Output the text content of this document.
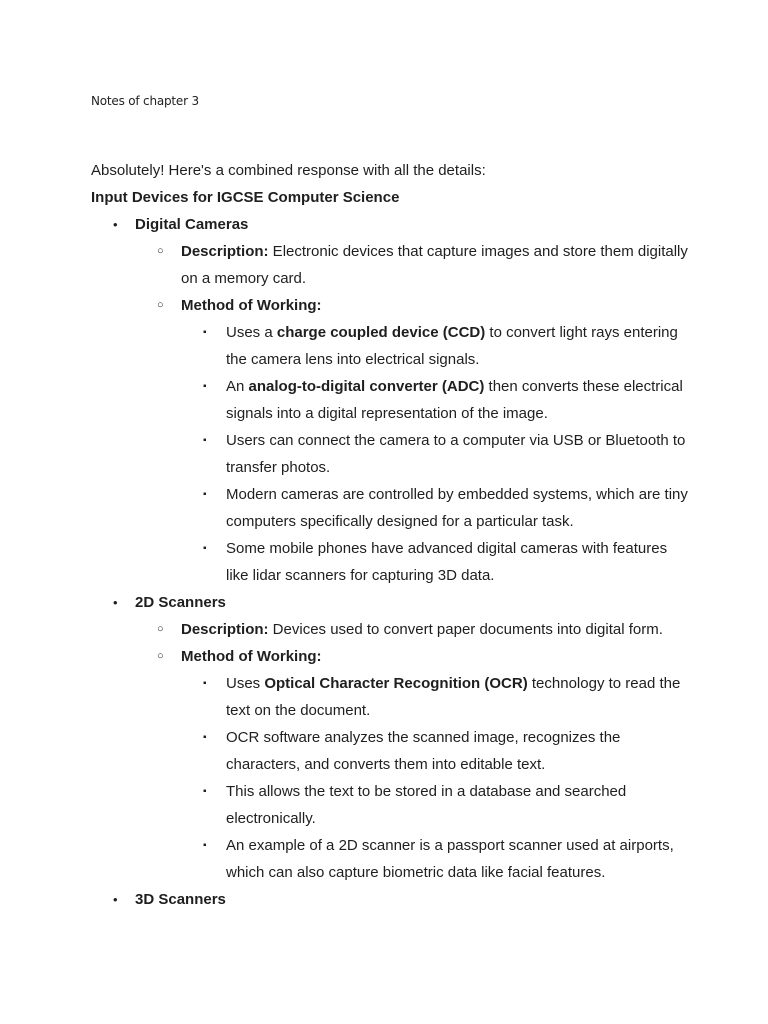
Notes of chapter 3

Absolutely! Here's a combined response with all the details:

Input Devices for IGCSE Computer Science

• Digital Cameras
○ Description: Electronic devices that capture images and store them digitally on a memory card.
○ Method of Working:
▪ Uses a charge coupled device (CCD) to convert light rays entering the camera lens into electrical signals.
▪ An analog-to-digital converter (ADC) then converts these electrical signals into a digital representation of the image.
▪ Users can connect the camera to a computer via USB or Bluetooth to transfer photos.
▪ Modern cameras are controlled by embedded systems, which are tiny computers specifically designed for a particular task.
▪ Some mobile phones have advanced digital cameras with features like lidar scanners for capturing 3D data.
• 2D Scanners
○ Description: Devices used to convert paper documents into digital form.
○ Method of Working:
▪ Uses Optical Character Recognition (OCR) technology to read the text on the document.
▪ OCR software analyzes the scanned image, recognizes the characters, and converts them into editable text.
▪ This allows the text to be stored in a database and searched electronically.
▪ An example of a 2D scanner is a passport scanner used at airports, which can also capture biometric data like facial features.
• 3D Scanners
